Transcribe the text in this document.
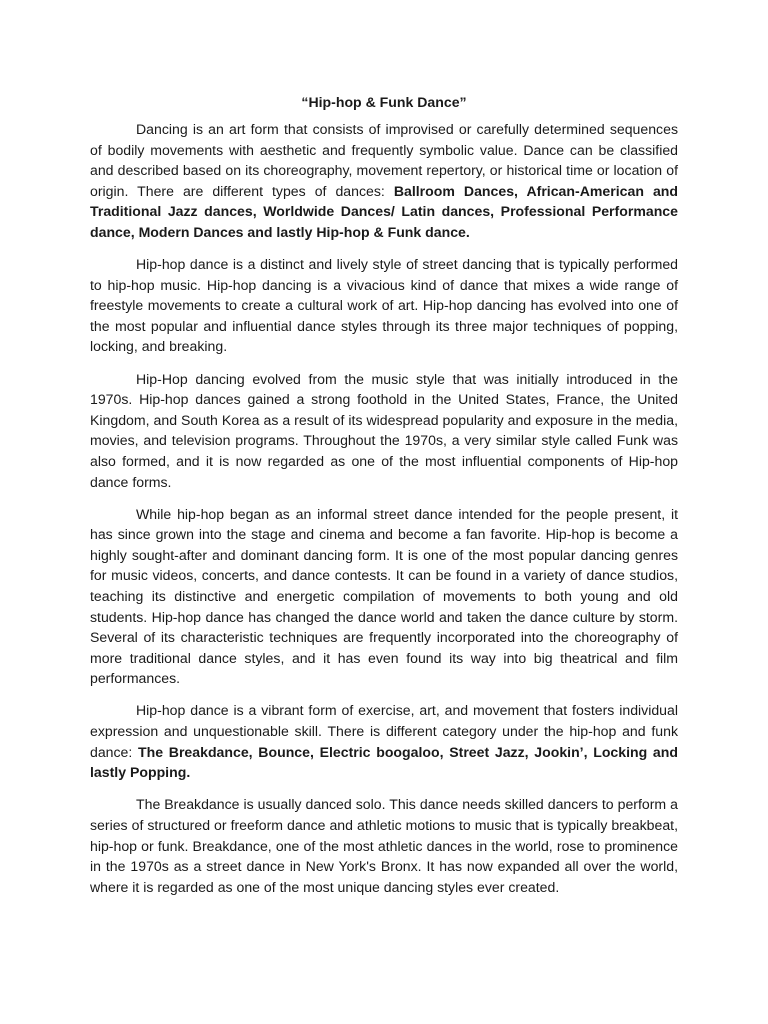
“Hip-hop & Funk Dance”

Dancing is an art form that consists of improvised or carefully determined sequences of bodily movements with aesthetic and frequently symbolic value. Dance can be classified and described based on its choreography, movement repertory, or historical time or location of origin. There are different types of dances: Ballroom Dances, African-American and Traditional Jazz dances, Worldwide Dances/ Latin dances, Professional Performance dance, Modern Dances and lastly Hip-hop & Funk dance.

Hip-hop dance is a distinct and lively style of street dancing that is typically performed to hip-hop music. Hip-hop dancing is a vivacious kind of dance that mixes a wide range of freestyle movements to create a cultural work of art. Hip-hop dancing has evolved into one of the most popular and influential dance styles through its three major techniques of popping, locking, and breaking.

Hip-Hop dancing evolved from the music style that was initially introduced in the 1970s. Hip-hop dances gained a strong foothold in the United States, France, the United Kingdom, and South Korea as a result of its widespread popularity and exposure in the media, movies, and television programs. Throughout the 1970s, a very similar style called Funk was also formed, and it is now regarded as one of the most influential components of Hip-hop dance forms.

While hip-hop began as an informal street dance intended for the people present, it has since grown into the stage and cinema and become a fan favorite. Hip-hop is become a highly sought-after and dominant dancing form. It is one of the most popular dancing genres for music videos, concerts, and dance contests. It can be found in a variety of dance studios, teaching its distinctive and energetic compilation of movements to both young and old students. Hip-hop dance has changed the dance world and taken the dance culture by storm. Several of its characteristic techniques are frequently incorporated into the choreography of more traditional dance styles, and it has even found its way into big theatrical and film performances.

Hip-hop dance is a vibrant form of exercise, art, and movement that fosters individual expression and unquestionable skill. There is different category under the hip-hop and funk dance: The Breakdance, Bounce, Electric boogaloo, Street Jazz, Jookin’, Locking and lastly Popping.

The Breakdance is usually danced solo. This dance needs skilled dancers to perform a series of structured or freeform dance and athletic motions to music that is typically breakbeat, hip-hop or funk. Breakdance, one of the most athletic dances in the world, rose to prominence in the 1970s as a street dance in New York's Bronx. It has now expanded all over the world, where it is regarded as one of the most unique dancing styles ever created.
